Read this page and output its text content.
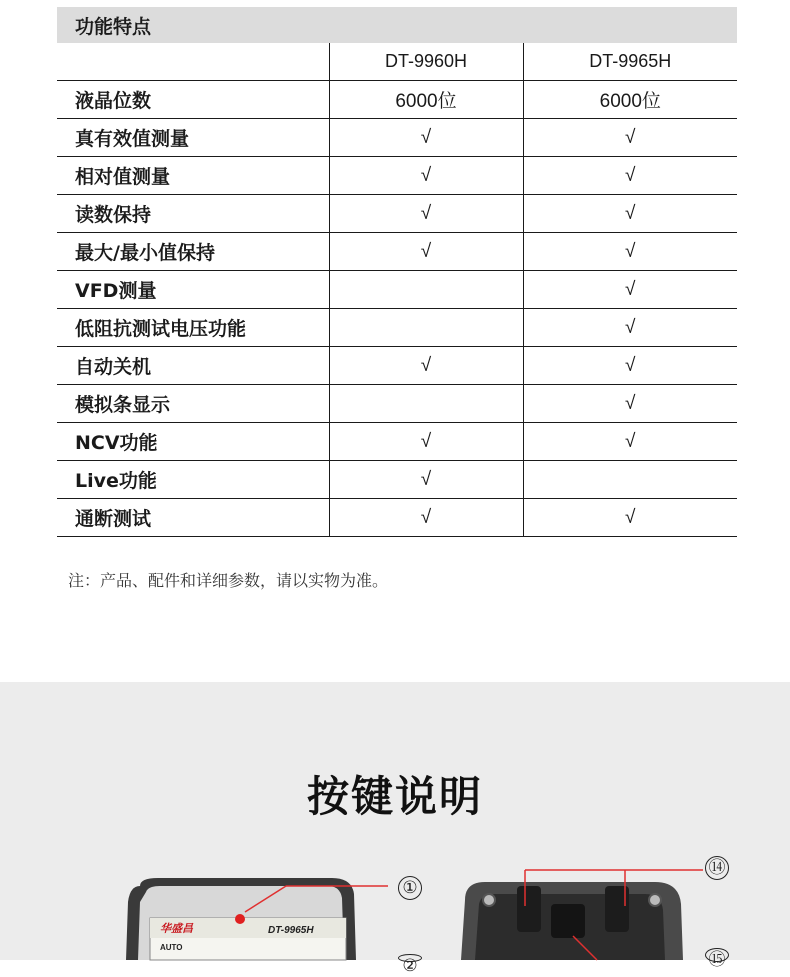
功能特点		
	DT-9960H	DT-9965H
液晶位数	6000位	6000位
真有效值测量	√	√
相对值测量	√	√
读数保持	√	√
最大/最小值保持	√	√
VFD测量		√
低阻抗测试电压功能		√
自动关机	√	√
模拟条显示		√
NCV功能	√	√
Live功能	√	
通断测试	√	√
注：产品、配件和详细参数，请以实物为准。
按键说明
华盛昌	DT-9965H
AUTO
①
②
⑭
⑮
